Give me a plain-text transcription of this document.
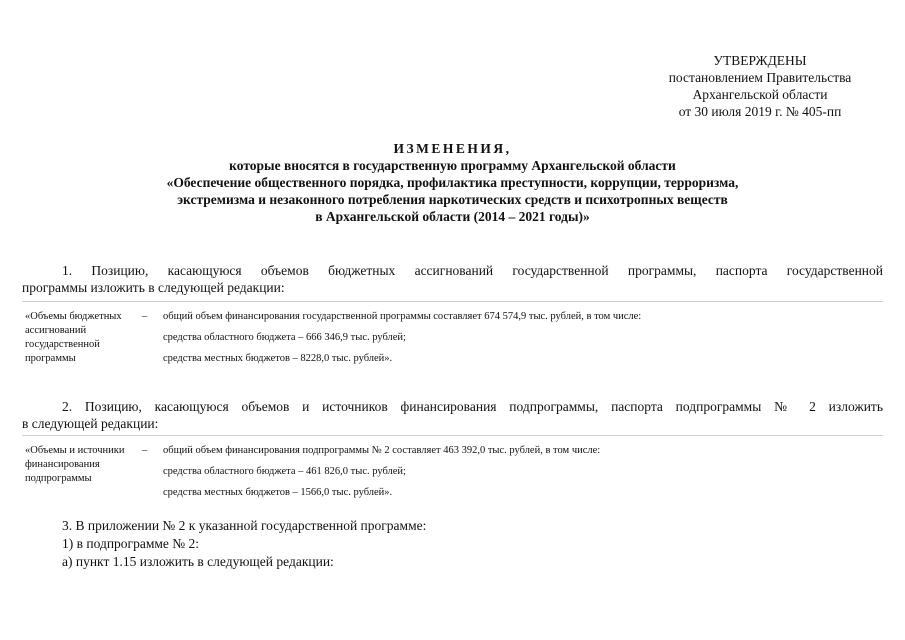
УТВЕРЖДЕНЫ
постановлением Правительства
Архангельской области
от 30 июля 2019 г. № 405-пп
ИЗМЕНЕНИЯ,
которые вносятся в государственную программу Архангельской области
«Обеспечение общественного порядка, профилактика преступности, коррупции, терроризма,
экстремизма и незаконного потребления наркотических средств и психотропных веществ
в Архангельской области (2014 – 2021 годы)»
1. Позицию, касающуюся объемов бюджетных ассигнований государственной программы, паспорта государственной
программы изложить в следующей редакции:
«Объемы бюджетных ассигнований государственной программы
– общий объем финансирования государственной программы составляет 674 574,9 тыс. рублей, в том числе:
средства областного бюджета – 666 346,9 тыс. рублей;
средства местных бюджетов – 8228,0 тыс. рублей».
2. Позицию, касающуюся объемов и источников финансирования подпрограммы, паспорта подпрограммы № 2 изложить
в следующей редакции:
«Объемы и источники финансирования подпрограммы
– общий объем финансирования подпрограммы № 2 составляет 463 392,0 тыс. рублей, в том числе:
средства областного бюджета – 461 826,0 тыс. рублей;
средства местных бюджетов – 1566,0 тыс. рублей».
3. В приложении № 2 к указанной государственной программе:
1) в подпрограмме № 2:
а) пункт 1.15 изложить в следующей редакции:
